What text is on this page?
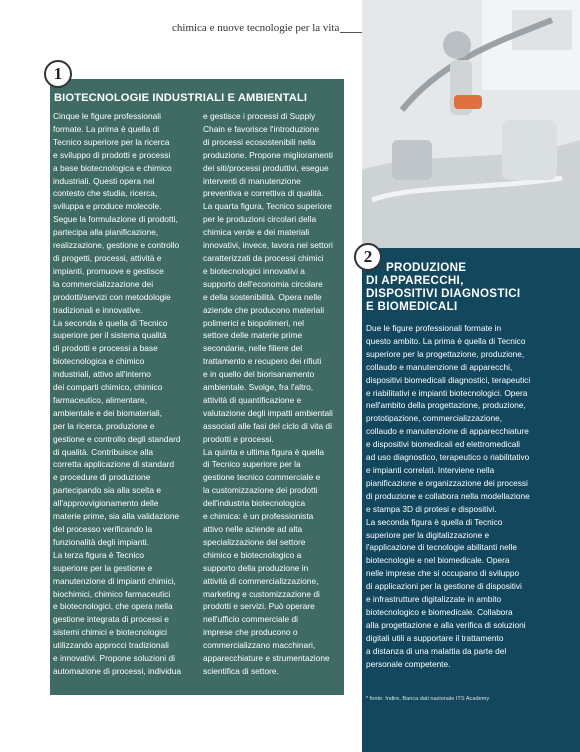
chimica e nuove tecnologie per la vita
BIOTECNOLOGIE INDUSTRIALI E AMBIENTALI
Cinque le figure professionali
formate. La prima è quella di
Tecnico superiore per la ricerca
e sviluppo di prodotti e processi
a base biotecnologica e chimico
industriali. Questi opera nel
contesto che studia, ricerca,
sviluppa e produce molecole.
Segue la formulazione di prodotti,
partecipa alla pianificazione,
realizzazione, gestione e controllo
di progetti, processi, attività e
impianti, promuove e gestisce
la commercializzazione dei
prodotti/servizi con metodologie
tradizionali e innovative.
La seconda è quella di Tecnico
superiore per il sistema qualità
di prodotti e processi a base
biotecnologica e chimico
industriali, attivo all'interno
dei comparti chimico, chimico
farmaceutico, alimentare,
ambientale e dei biomateriali,
per la ricerca, produzione e
gestione e controllo degli standard
di qualità. Contribuisce alla
corretta applicazione di standard
e procedure di produzione
partecipando sia alla scelta e
all'approvvigionamento delle
materie prime, sia alla validazione
del processo verificando la
funzionalità degli impianti.
La terza figura è Tecnico
superiore per la gestione e
manutenzione di impianti chimici,
biochimici, chimico farmaceutici
e biotecnologici, che opera nella
gestione integrata di processi e
sistemi chimici e biotecnologici
utilizzando approcci tradizionali
e innovativi. Propone soluzioni di
automazione di processi, individua
e gestisce i processi di Supply
Chain e favorisce l'introduzione
di processi ecosostenibili nella
produzione. Propone miglioramenti
dei siti/processi produttivi, esegue
interventi di manutenzione
preventiva e correttiva di qualità.
La quarta figura, Tecnico superiore
per le produzioni circolari della
chimica verde e dei materiali
innovativi, invece, lavora nei settori
caratterizzati da processi chimici
e biotecnologici innovativi a
supporto dell'economia circolare
e della sostenibilità. Opera nelle
aziende che producono materiali
polimerici e biopolimeri, nel
settore delle materie prime
secondarie, nelle filiere del
trattamento e recupero dei rifiuti
e in quello del biorisanamento
ambientale. Svolge, fra l'altro,
attività di quantificazione e
valutazione degli impatti ambientali
associati alle fasi del ciclo di vita di
prodotti e processi.
La quinta e ultima figura è quella
di Tecnico superiore per la
gestione tecnico commerciale e
la customizzazione dei prodotti
dell'industria biotecnologica
e chimica: è un professionista
attivo nelle aziende ad alta
specializzazione del settore
chimico e biotecnologico a
supporto della produzione in
attività di commercializzazione,
marketing e customizzazione di
prodotti e servizi. Può operare
nell'ufficio commerciale di
imprese che producono o
commercializzano macchinari,
apparecchiature e strumentazione
scientifica di settore.
1
PRODUZIONE
DI APPARECCHI,
DISPOSITIVI DIAGNOSTICI
E BIOMEDICALI
Due le figure professionali formate in
questo ambito. La prima è quella di Tecnico
superiore per la progettazione, produzione,
collaudo e manutenzione di apparecchi,
dispositivi biomedicali diagnostici, terapeutici
e riabilitativi e impianti biotecnologici. Opera
nell'ambito della progettazione, produzione,
prototipazione, commercializzazione,
collaudo e manutenzione di apparecchiature
e dispositivi biomedicali ed elettromedicali
ad uso diagnostico, terapeutico o riabilitativo
e impianti correlati. Interviene nella
pianificazione e organizzazione dei processi
di produzione e collabora nella modellazione
e stampa 3D di protesi e dispositivi.
La seconda figura è quella di Tecnico
superiore per la digitalizzazione e
l'applicazione di tecnologie abilitanti nelle
biotecnologie e nel biomedicale. Opera
nelle imprese che si occupano di sviluppo
di applicazioni per la gestione di dispositivi
e infrastrutture digitalizzate in ambito
biotecnologico e biomedicale. Collabora
alla progettazione e alla verifica di soluzioni
digitali utili a supportare il trattamento
a distanza di una malattia da parte del
personale competente.
* fonte: Indire, Banca dati nazionale ITS Academy
2
